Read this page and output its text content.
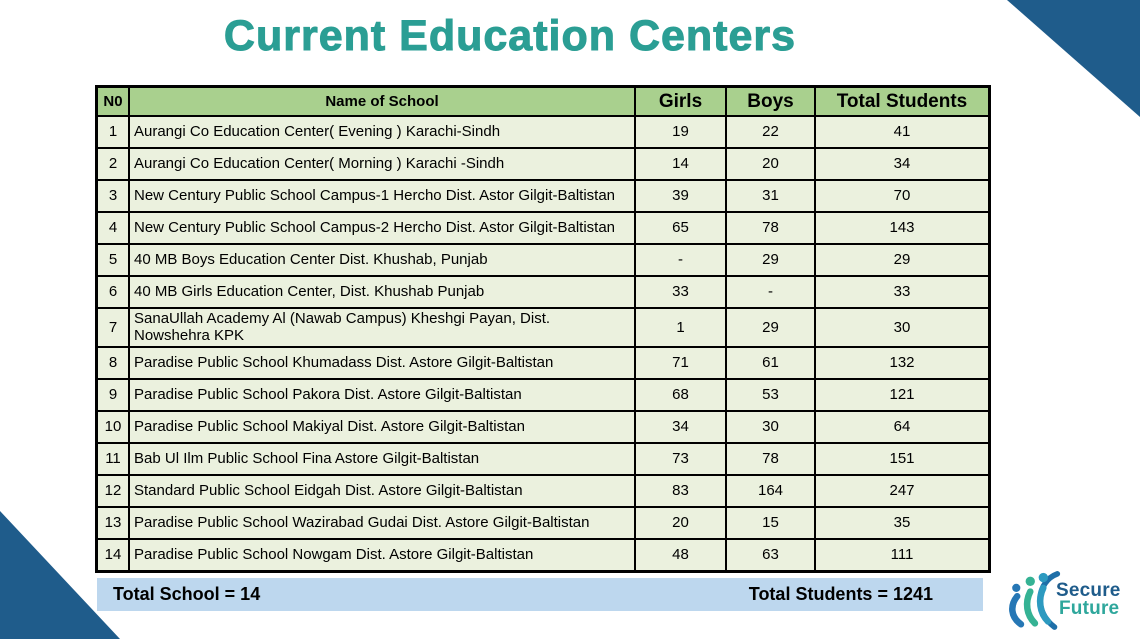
Current Education Centers
N0	Name of School	Girls	Boys	Total Students
1	Aurangi Co Education Center( Evening ) Karachi-Sindh	19	22	41
2	Aurangi Co Education Center( Morning ) Karachi -Sindh	14	20	34
3	New Century Public School Campus-1 Hercho Dist. Astor Gilgit-Baltistan	39	31	70
4	New Century Public School Campus-2 Hercho Dist. Astor Gilgit-Baltistan	65	78	143
5	40 MB Boys Education Center Dist. Khushab, Punjab	-	29	29
6	40 MB Girls Education Center, Dist. Khushab Punjab	33	-	33
7	SanaUllah Academy Al (Nawab Campus) Kheshgi Payan, Dist. Nowshehra KPK	1	29	30
8	Paradise Public School Khumadass Dist. Astore Gilgit-Baltistan	71	61	132
9	Paradise Public School Pakora Dist. Astore Gilgit-Baltistan	68	53	121
10	Paradise Public School Makiyal Dist. Astore Gilgit-Baltistan	34	30	64
11	Bab Ul Ilm Public School Fina Astore Gilgit-Baltistan	73	78	151
12	Standard Public School Eidgah Dist. Astore Gilgit-Baltistan	83	164	247
13	Paradise Public School Wazirabad Gudai Dist. Astore Gilgit-Baltistan	20	15	35
14	Paradise Public School Nowgam Dist. Astore Gilgit-Baltistan	48	63	111
Total School = 14	Total Students = 1241	Secure
Future
